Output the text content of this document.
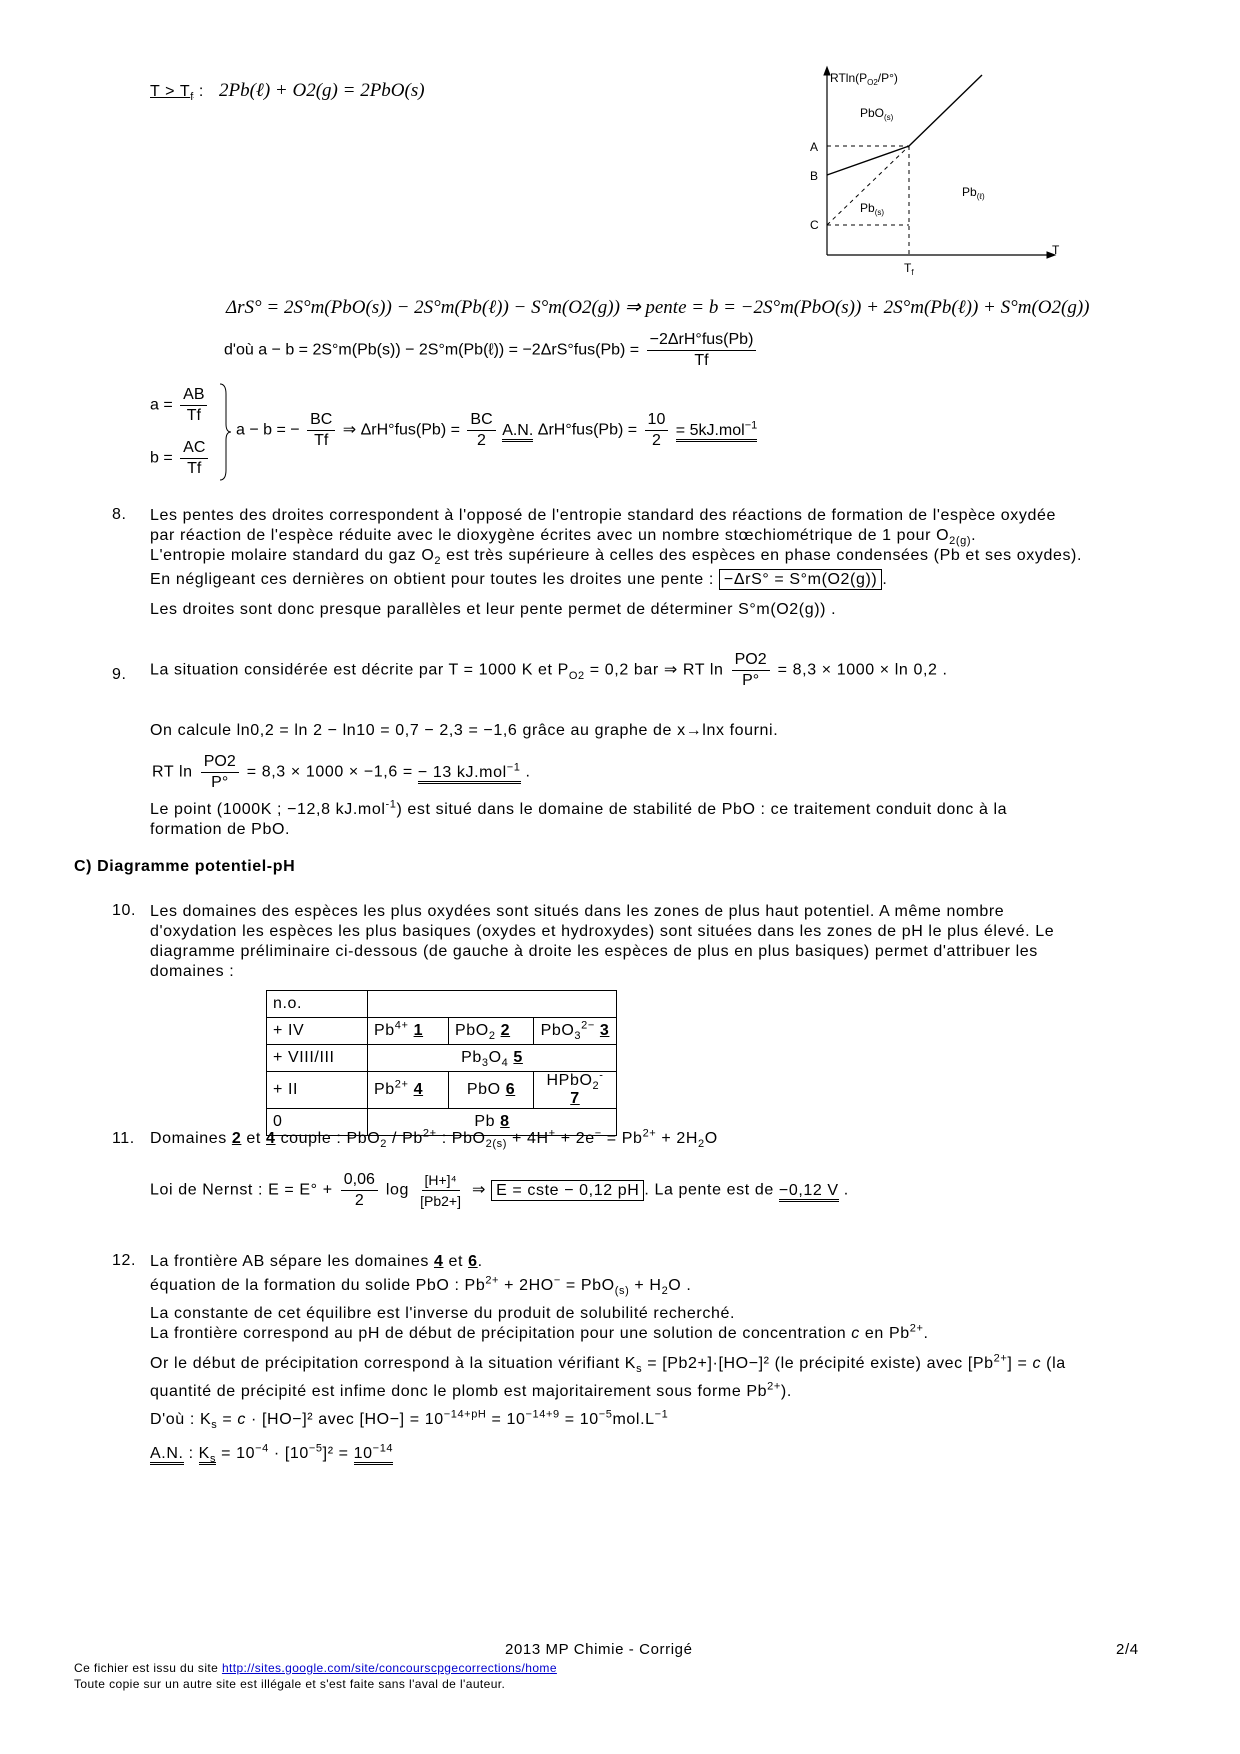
$T > T_f$ : 2Pb(ℓ) + O2(g) = 2PbO(s)
$RTln(P_{O2}/P^\circ)$
PbO$_{(s)}$
$Pb_{(s)}$
$Pb_{(\ell)}$
A
B
C
$T_f$
T
ΔrS° = 2S°m(PbO(s)) − 2S°m(Pb(ℓ)) − S°m(O2(g)) ⇒ pente = b = −2S°m(PbO(s)) + 2S°m(Pb(ℓ)) + S°m(O2(g))
d'où a − b = 2S°m(Pb(s)) − 2S°m(Pb(ℓ)) = $-2\Delta rS^\circ fus(Pb) = \frac{\text{−2ΔrH°fus(Pb)}}{Tf}$
$a = \frac{AB}{Tf}$
$b = \frac{AC}{Tf}$
a − b = − $\frac{BC}{Tf}$ ⇒ $\Delta rH^\circ fus(Pb) = \frac{BC}{2} A.N$. $\Delta rH^\circ fus(Pb) = \frac{10}{2} = 5kJ.mol^{-1}$
8. Les pentes des droites correspondent à l'opposé de l'entropie standard des réactions de formation de l'espèce oxydée
par réaction de l'espèce réduite avec le dioxygène écrites avec un nombre stœchiométrique de 1 pour $O_{2(g)}$.
L'entropie molaire standard du gaz $O_2$ est très supérieure à celles des espèces en phase condensées (Pb et ses oxydes).
En négligeant ces dernières on obtient pour toutes les droites une pente : −ΔrS° = S°m(O2(g)) .
Les droites sont donc presque parallèles et leur pente permet de déterminer S°m(O2(g)) .
9. La situation considérée est décrite par T = 1000 K et $P_{O2} = 0,2$ bar ⇒ RT $\ln \frac{PO2}{P^\circ} = 8,3 \times 1000 \times \ln 0,2$ .
On calcule ln0,2 = ln 2 − ln10 = 0,7 − 2,3 = −1,6 grâce au graphe de x→lnx fourni.
RT $\ln \frac{PO2}{P^\circ} = 8,3 \times 1000 \times -1,6$ = − 13 kJ.mol$^{-1}$ .
Le point (1000K ; −12,8 kJ.mol$^{-1}$) est situé dans le domaine de stabilité de PbO : ce traitement conduit donc à la
formation de PbO.
C) Diagramme potentiel-pH
10. Les domaines des espèces les plus oxydées sont situés dans les zones de plus haut potentiel. A même nombre
d'oxydation les espèces les plus basiques (oxydes et hydroxydes) sont situées dans les zones de pH le plus élevé. Le
diagramme préliminaire ci-dessous (de gauche à droite les espèces de plus en plus basiques) permet d'attribuer les
domaines :
n.o.			
+ IV	$Pb^{4+}$ 1	PbO$_2$ 2	PbO$_3^{2-}$ 3
+ VIII/III	$Pb_3O_4$ 5		
+ II	$Pb^{2+}$ 4	PbO 6	HPbO$_2$- 7
0	Pb 8		
11. Domaines 2 et 4 couple : $PbO_2 / Pb^{2+}$ : $PbO_{2(s)} + 4H^+ + 2e^- = Pb^{2+} + 2H_2O$
Loi de Nernst : $E = E^\circ + \frac{0,06}{2}$ $\log \frac{\text{[H+]⁴}}{[Pb2+]}$ ⇒ E = cste − 0,12 pH . La pente est de −0,12 V .
12. La frontière AB sépare les domaines 4 et 6.
équation de la formation du solide PbO : $Pb^{2+} + 2HO^- = PbO_{(s)} + H_2O$ .
La constante de cet équilibre est l'inverse du produit de solubilité recherché.
La frontière correspond au pH de début de précipitation pour une solution de concentration c en $Pb^{2+}$.
Or le début de précipitation correspond à la situation vérifiant $K_s = [Pb2+]\cdot[HO-]^2$ (le précipité existe) avec $[Pb^{2+}] = c$ (la
quantité de précipité est infime donc le plomb est majoritairement sous forme $Pb^{2+}$).
D'où : $K_s = c \cdot [HO-]^2$ avec $[HO-] = 10^{-14+pH} = 10^{-14+9} = 10^{-5}mol.L^{-1}$
A.N. : $K_s = 10^{-4} \cdot [10^{-5}]^2 = 10^{-14}$
2013 MP Chimie - Corrigé	2/4
Ce fichier est issu du site http://sites.google.com/site/concourscpgecorrections/home
Toute copie sur un autre site est illégale et s'est faite sans l'aval de l'auteur.
